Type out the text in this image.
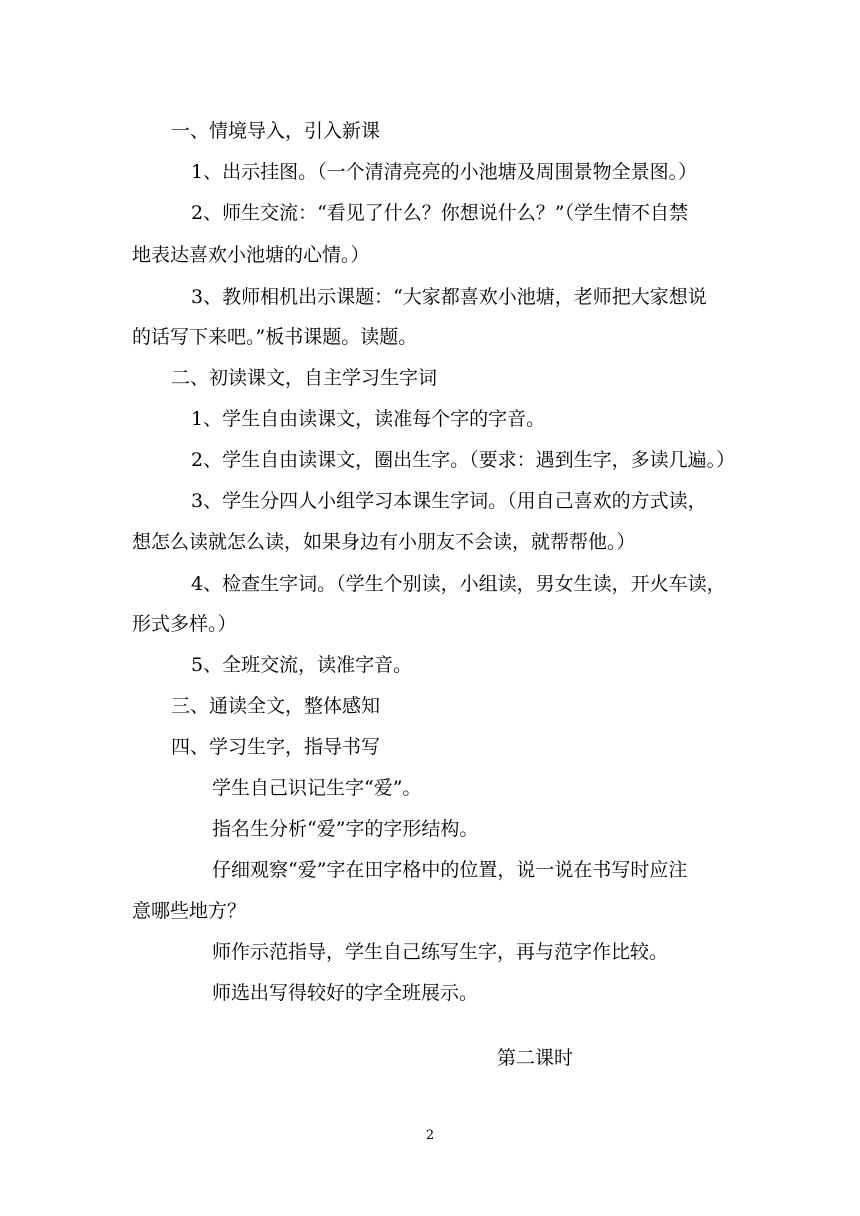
一、情境导入，引入新课
1、出示挂图。（一个清清亮亮的小池塘及周围景物全景图。）
2、师生交流：“看见了什么？你想说什么？”（学生情不自禁
地表达喜欢小池塘的心情。）
3、教师相机出示课题：“大家都喜欢小池塘，老师把大家想说
的话写下来吧。”板书课题。读题。
二、初读课文，自主学习生字词
1、学生自由读课文，读准每个字的字音。
2、学生自由读课文，圈出生字。（要求：遇到生字，多读几遍。）
3、学生分四人小组学习本课生字词。（用自己喜欢的方式读，
想怎么读就怎么读，如果身边有小朋友不会读，就帮帮他。）
4、检查生字词。（学生个别读，小组读，男女生读，开火车读，
形式多样。）
5、全班交流，读准字音。
三、通读全文，整体感知
四、学习生字，指导书写
学生自己识记生字“爱”。
指名生分析“爱”字的字形结构。
仔细观察“爱”字在田字格中的位置，说一说在书写时应注
意哪些地方？
师作示范指导，学生自己练写生字，再与范字作比较。
师选出写得较好的字全班展示。
第二课时
2
